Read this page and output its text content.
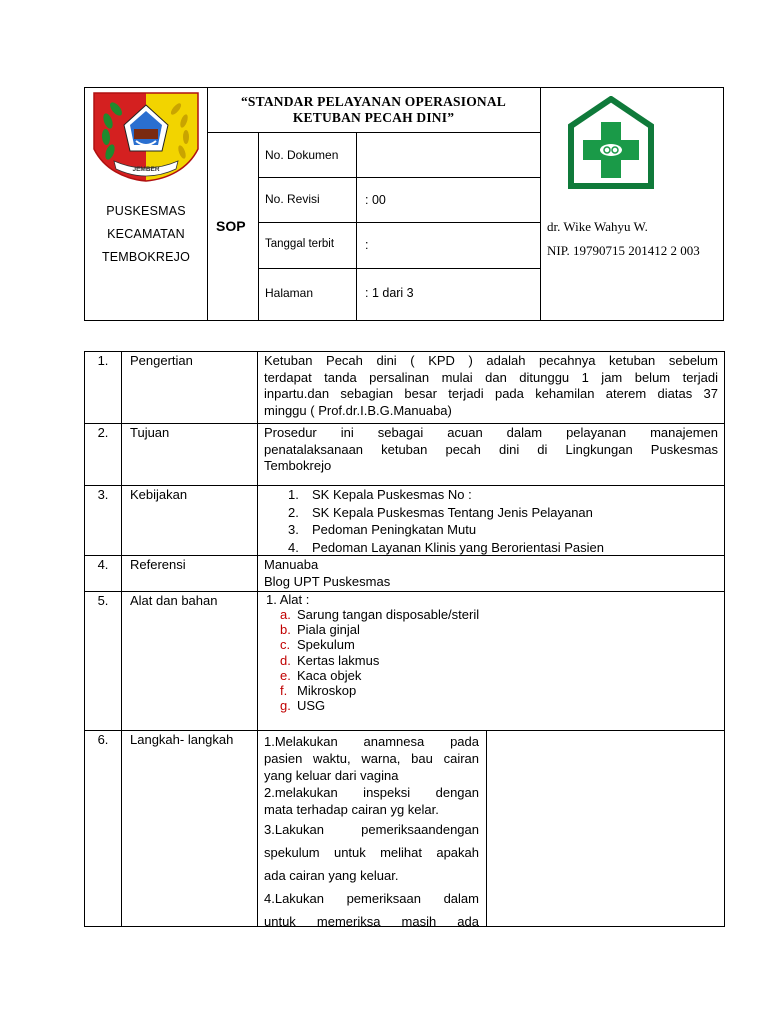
JEMBER
PUSKESMAS
KECAMATAN
TEMBOKREJO
“STANDAR PELAYANAN OPERASIONAL
KETUBAN PECAH DINI”
SOP
No. Dokumen
No. Revisi	: 00
Tanggal terbit :
Halaman	: 1 dari 3
dr. Wike Wahyu W.
NIP. 19790715 201412 2 003
1.	Pengertian	Ketuban Pecah dini ( KPD ) adalah pecahnya ketuban sebelum
terdapat tanda persalinan mulai dan ditunggu 1 jam belum terjadi
inpartu.dan sebagian besar terjadi pada kehamilan aterem diatas 37
minggu ( Prof.dr.I.B.G.Manuaba)
2.	Tujuan	Prosedur ini sebagai acuan dalam pelayanan manajemen
penatalaksanaan ketuban pecah dini di Lingkungan Puskesmas
Tembokrejo
3.	Kebijakan	1. SK Kepala Puskesmas No :
2. SK Kepala Puskesmas Tentang Jenis Pelayanan
3. Pedoman Peningkatan Mutu
4. Pedoman Layanan Klinis yang Berorientasi Pasien
4.	Referensi	Manuaba
Blog UPT Puskesmas
5.	Alat dan bahan	1. Alat :
a. Sarung tangan disposable/steril
b. Piala ginjal
c. Spekulum
d. Kertas lakmus
e. Kaca objek
f. Mikroskop
g. USG
6.	Langkah- langkah	1.Melakukan anamnesa pada
pasien waktu, warna, bau cairan
yang keluar dari vagina
2.melakukan inspeksi dengan
mata terhadap cairan yg kelar.
3.Lakukan pemeriksaandengan
spekulum untuk melihat apakah
ada cairan yang keluar.
4.Lakukan pemeriksaan dalam
untuk memeriksa masih ada
